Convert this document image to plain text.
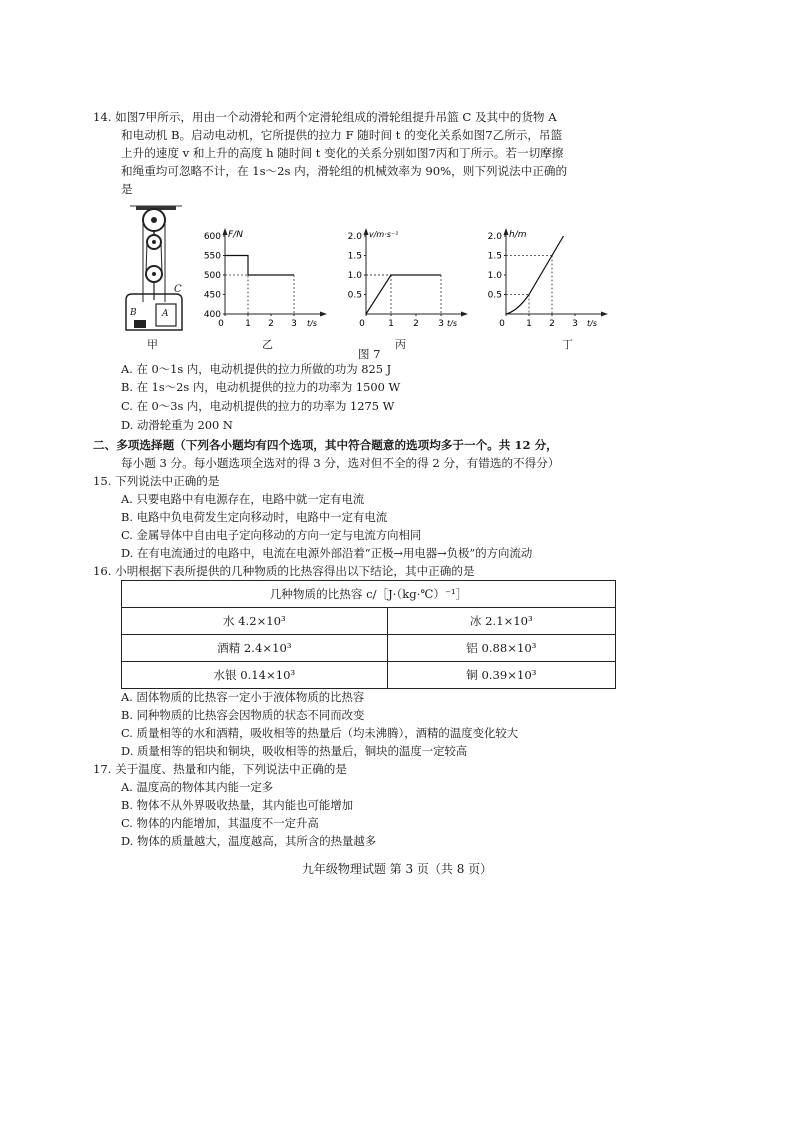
14. 如图7甲所示，用由一个动滑轮和两个定滑轮组成的滑轮组提升吊篮 C 及其中的货物 A
和电动机 B。启动电动机，它所提供的拉力 F 随时间 t 的变化关系如图7乙所示，吊篮
上升的速度 v 和上升的高度 h 随时间 t 变化的关系分别如图7丙和丁所示。若一切摩擦
和绳重均可忽略不计，在 1s～2s 内，滑轮组的机械效率为 90%，则下列说法中正确的
是
C
B	A
甲
F/N
t/s
400
450
500
550
600
0 1 2 3
乙
v/m·s⁻¹
t/s
0.5
1.0
1.5
2.0
0	1 2 3
丙
h/m
t/s
0.5
1.0
1.5
2.0
0 1 2 3
丁
图 7
A. 在 0～1s 内，电动机提供的拉力所做的功为 825 J
B. 在 1s～2s 内，电动机提供的拉力的功率为 1500 W
C. 在 0～3s 内，电动机提供的拉力的功率为 1275 W
D. 动滑轮重为 200 N
二、多项选择题（下列各小题均有四个选项，其中符合题意的选项均多于一个。共 12 分，
每小题 3 分。每小题选项全选对的得 3 分，选对但不全的得 2 分，有错选的不得分）
15. 下列说法中正确的是
A. 只要电路中有电源存在，电路中就一定有电流
B. 电路中负电荷发生定向移动时，电路中一定有电流
C. 金属导体中自由电子定向移动的方向一定与电流方向相同
D. 在有电流通过的电路中，电流在电源外部沿着“正极→用电器→负极”的方向流动
16. 小明根据下表所提供的几种物质的比热容得出以下结论，其中正确的是
几种物质的比热容 c/［J·（kg·℃）⁻¹］	
水 4.2×10³	冰 2.1×10³
酒精 2.4×10³	铝 0.88×10³
水银 0.14×10³	铜 0.39×10³
A. 固体物质的比热容一定小于液体物质的比热容
B. 同种物质的比热容会因物质的状态不同而改变
C. 质量相等的水和酒精，吸收相等的热量后（均未沸腾），酒精的温度变化较大
D. 质量相等的铝块和铜块，吸收相等的热量后，铜块的温度一定较高
17. 关于温度、热量和内能，下列说法中正确的是
A. 温度高的物体其内能一定多
B. 物体不从外界吸收热量，其内能也可能增加
C. 物体的内能增加，其温度不一定升高
D. 物体的质量越大，温度越高，其所含的热量越多
九年级物理试题 第 3 页（共 8 页）
